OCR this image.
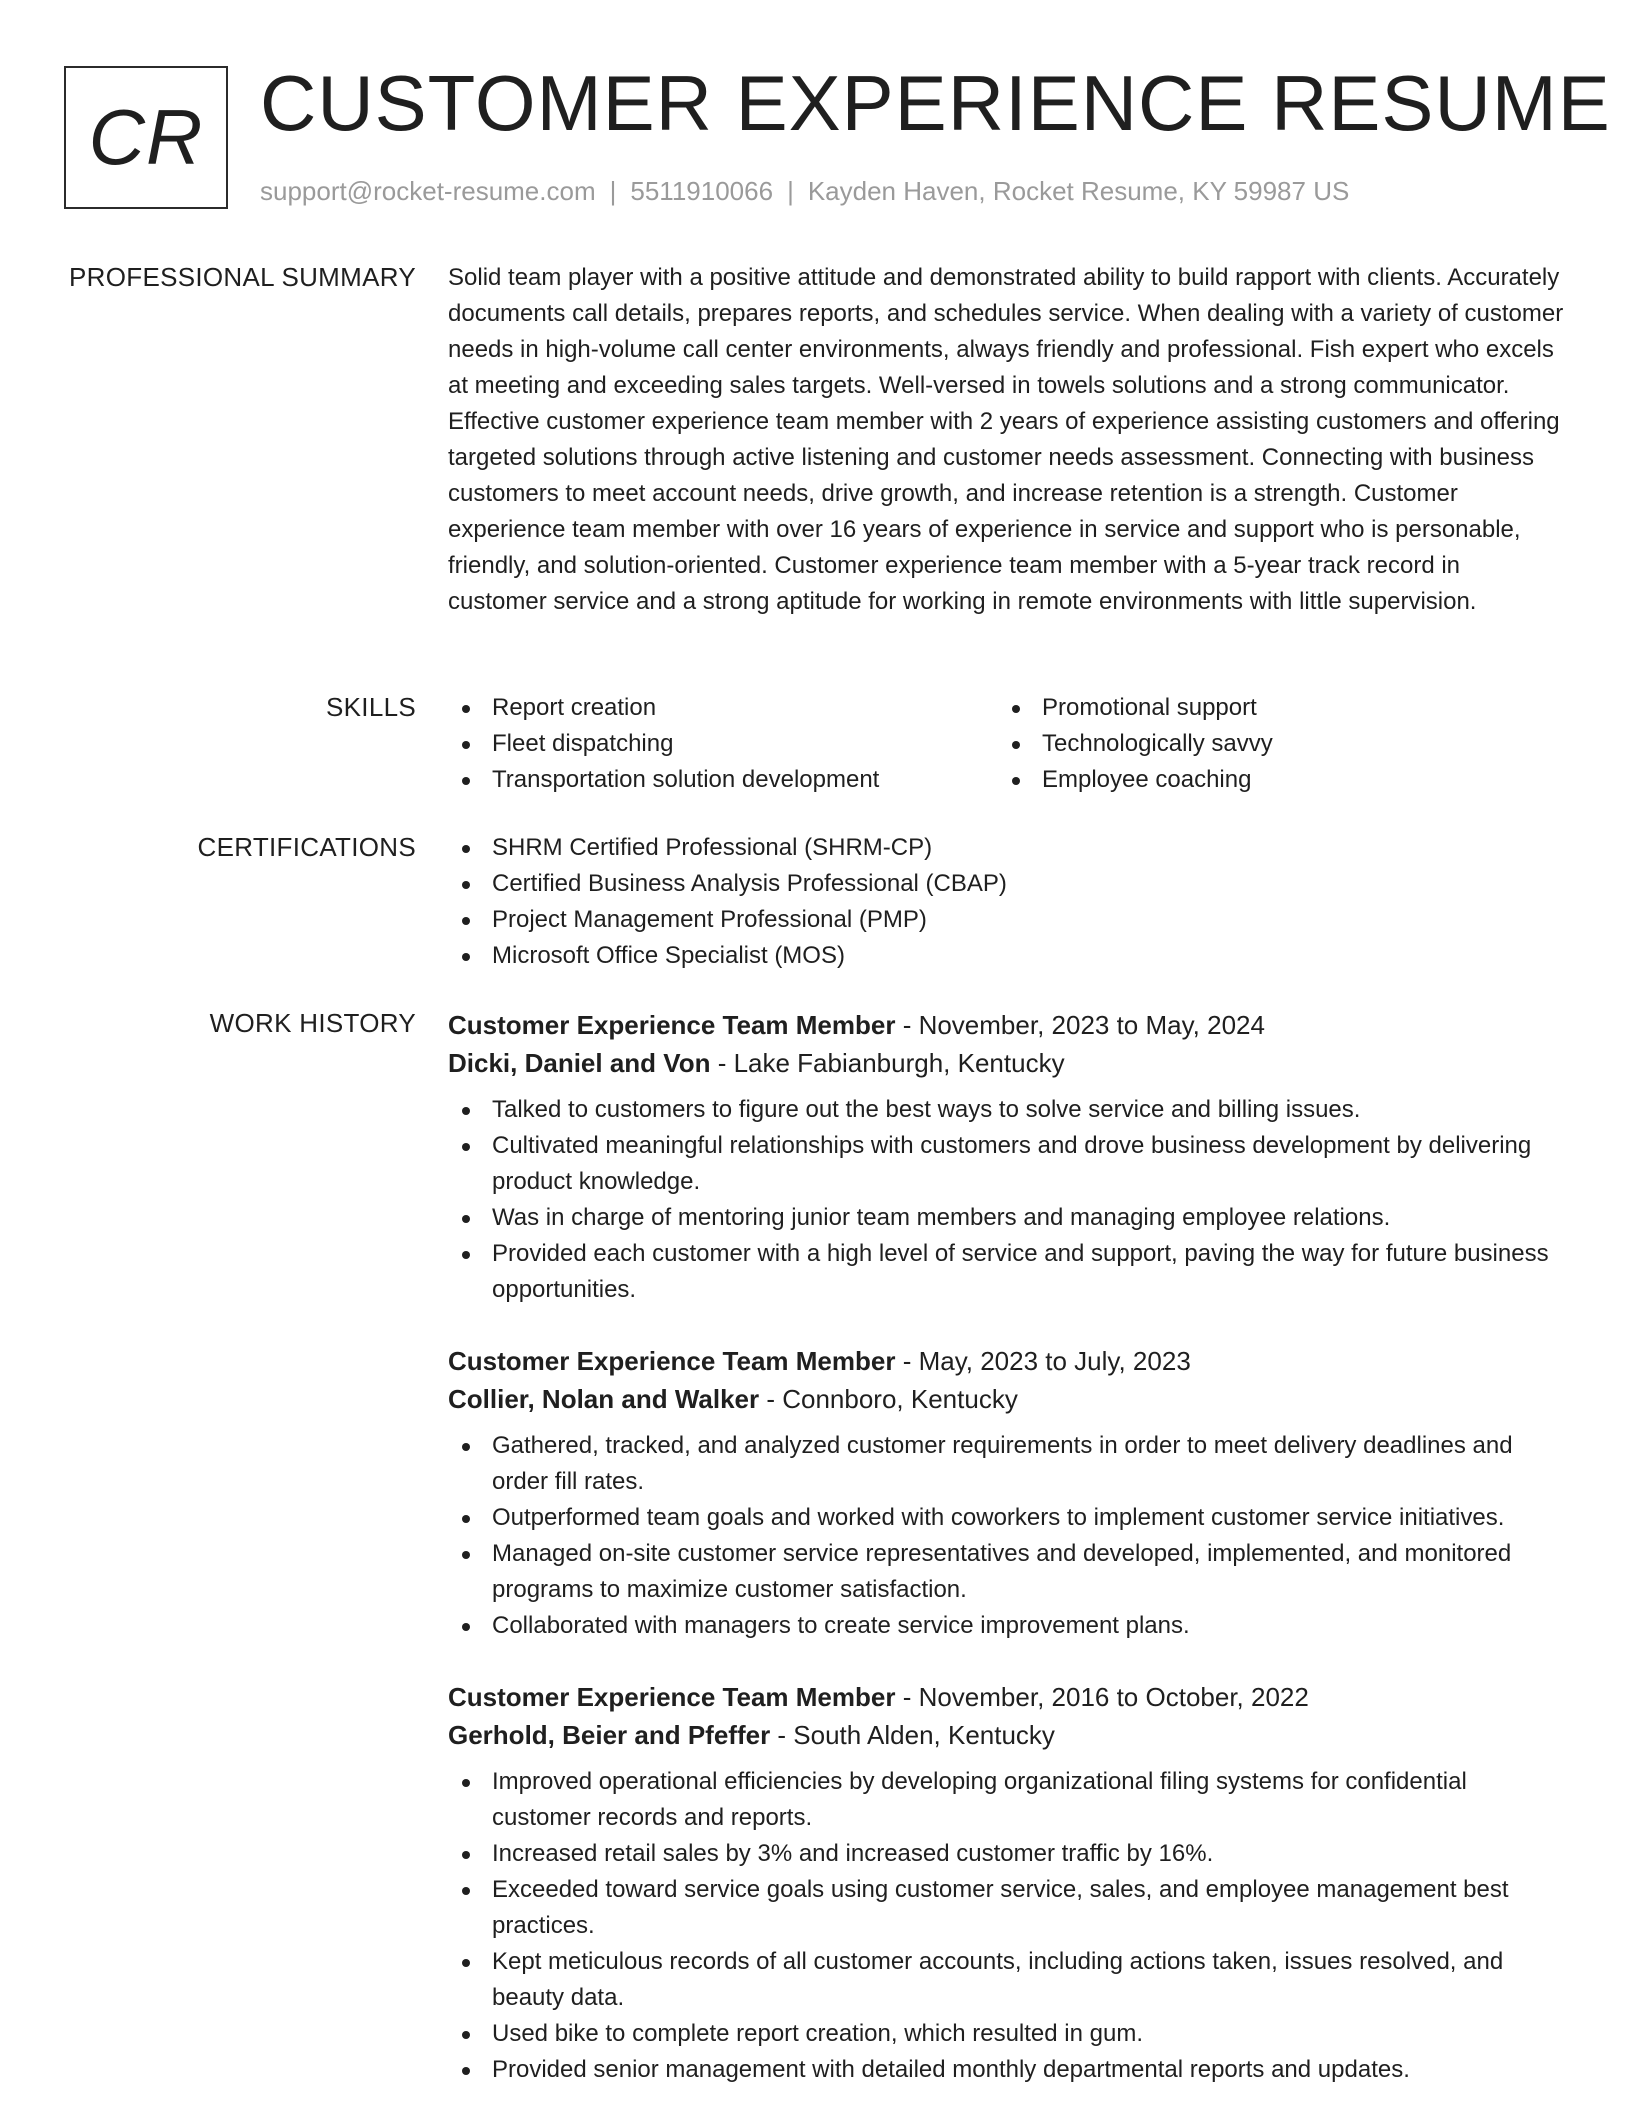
CR CUSTOMER EXPERIENCE RESUME
support@rocket-resume.com | 5511910066 | Kayden Haven, Rocket Resume, KY 59987 US
PROFESSIONAL SUMMARY Solid team player with a positive attitude and demonstrated ability to build rapport with clients. Accurately documents call details, prepares reports, and schedules service. When dealing with a variety of customer needs in high-volume call center environments, always friendly and professional. Fish expert who excels at meeting and exceeding sales targets. Well-versed in towels solutions and a strong communicator. Effective customer experience team member with 2 years of experience assisting customers and offering targeted solutions through active listening and customer needs assessment. Connecting with business customers to meet account needs, drive growth, and increase retention is a strength. Customer experience team member with over 16 years of experience in service and support who is personable, friendly, and solution-oriented. Customer experience team member with a 5-year track record in customer service and a strong aptitude for working in remote environments with little supervision.

SKILLS	Report creation
Fleet dispatching
Transportation solution development
Promotional support
Technologically savvy
Employee coaching
CERTIFICATIONS	SHRM Certified Professional (SHRM-CP)
Certified Business Analysis Professional (CBAP)
Project Management Professional (PMP)
Microsoft Office Specialist (MOS)
WORK HISTORY Customer Experience Team Member - November, 2023 to May, 2024
Dicki, Daniel and Von - Lake Fabianburgh, Kentucky
Talked to customers to figure out the best ways to solve service and billing issues.
Cultivated meaningful relationships with customers and drove business development by delivering product knowledge.
Was in charge of mentoring junior team members and managing employee relations.
Provided each customer with a high level of service and support, paving the way for future business opportunities.
Customer Experience Team Member - May, 2023 to July, 2023
Collier, Nolan and Walker - Connboro, Kentucky
Gathered, tracked, and analyzed customer requirements in order to meet delivery deadlines and order fill rates.
Outperformed team goals and worked with coworkers to implement customer service initiatives.
Managed on-site customer service representatives and developed, implemented, and monitored programs to maximize customer satisfaction.
Collaborated with managers to create service improvement plans.
Customer Experience Team Member - November, 2016 to October, 2022
Gerhold, Beier and Pfeffer - South Alden, Kentucky
Improved operational efficiencies by developing organizational filing systems for confidential customer records and reports.
Increased retail sales by 3% and increased customer traffic by 16%.
Exceeded toward service goals using customer service, sales, and employee management best practices.
Kept meticulous records of all customer accounts, including actions taken, issues resolved, and beauty data.
Used bike to complete report creation, which resulted in gum.
Provided senior management with detailed monthly departmental reports and updates.
